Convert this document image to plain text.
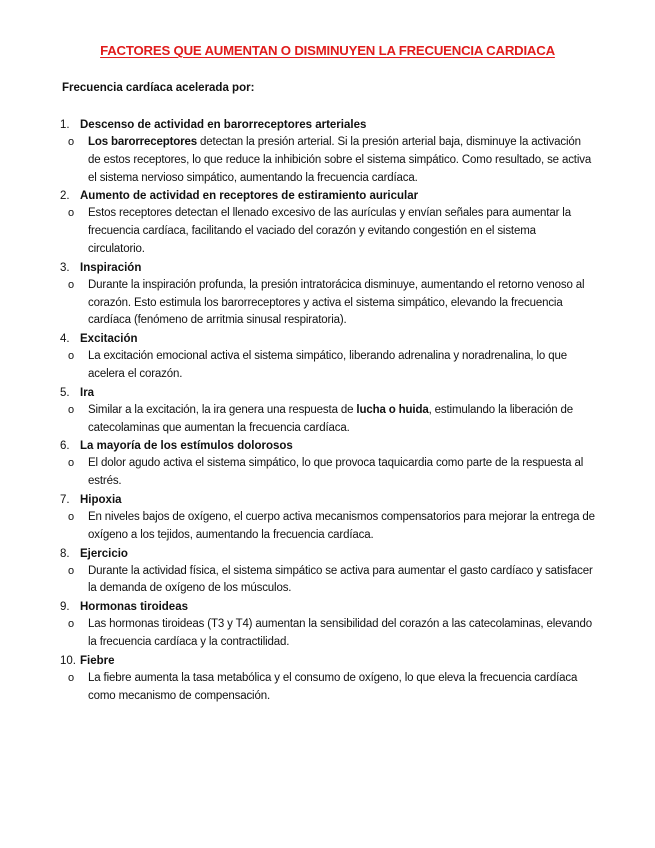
FACTORES QUE AUMENTAN O DISMINUYEN LA FRECUENCIA CARDIACA
Frecuencia cardíaca acelerada por:
1. Descenso de actividad en barorreceptores arteriales
o Los barorreceptores detectan la presión arterial. Si la presión arterial baja, disminuye la activación de estos receptores, lo que reduce la inhibición sobre el sistema simpático. Como resultado, se activa el sistema nervioso simpático, aumentando la frecuencia cardíaca.
2. Aumento de actividad en receptores de estiramiento auricular
o Estos receptores detectan el llenado excesivo de las aurículas y envían señales para aumentar la frecuencia cardíaca, facilitando el vaciado del corazón y evitando congestión en el sistema circulatorio.
3. Inspiración
o Durante la inspiración profunda, la presión intratorácica disminuye, aumentando el retorno venoso al corazón. Esto estimula los barorreceptores y activa el sistema simpático, elevando la frecuencia cardíaca (fenómeno de arritmia sinusal respiratoria).
4. Excitación
o La excitación emocional activa el sistema simpático, liberando adrenalina y noradrenalina, lo que acelera el corazón.
5. Ira
o Similar a la excitación, la ira genera una respuesta de lucha o huida, estimulando la liberación de catecolaminas que aumentan la frecuencia cardíaca.
6. La mayoría de los estímulos dolorosos
o El dolor agudo activa el sistema simpático, lo que provoca taquicardia como parte de la respuesta al estrés.
7. Hipoxia
o En niveles bajos de oxígeno, el cuerpo activa mecanismos compensatorios para mejorar la entrega de oxígeno a los tejidos, aumentando la frecuencia cardíaca.
8. Ejercicio
o Durante la actividad física, el sistema simpático se activa para aumentar el gasto cardíaco y satisfacer la demanda de oxígeno de los músculos.
9. Hormonas tiroideas
o Las hormonas tiroideas (T3 y T4) aumentan la sensibilidad del corazón a las catecolaminas, elevando la frecuencia cardíaca y la contractilidad.
10. Fiebre
o La fiebre aumenta la tasa metabólica y el consumo de oxígeno, lo que eleva la frecuencia cardíaca como mecanismo de compensación.
